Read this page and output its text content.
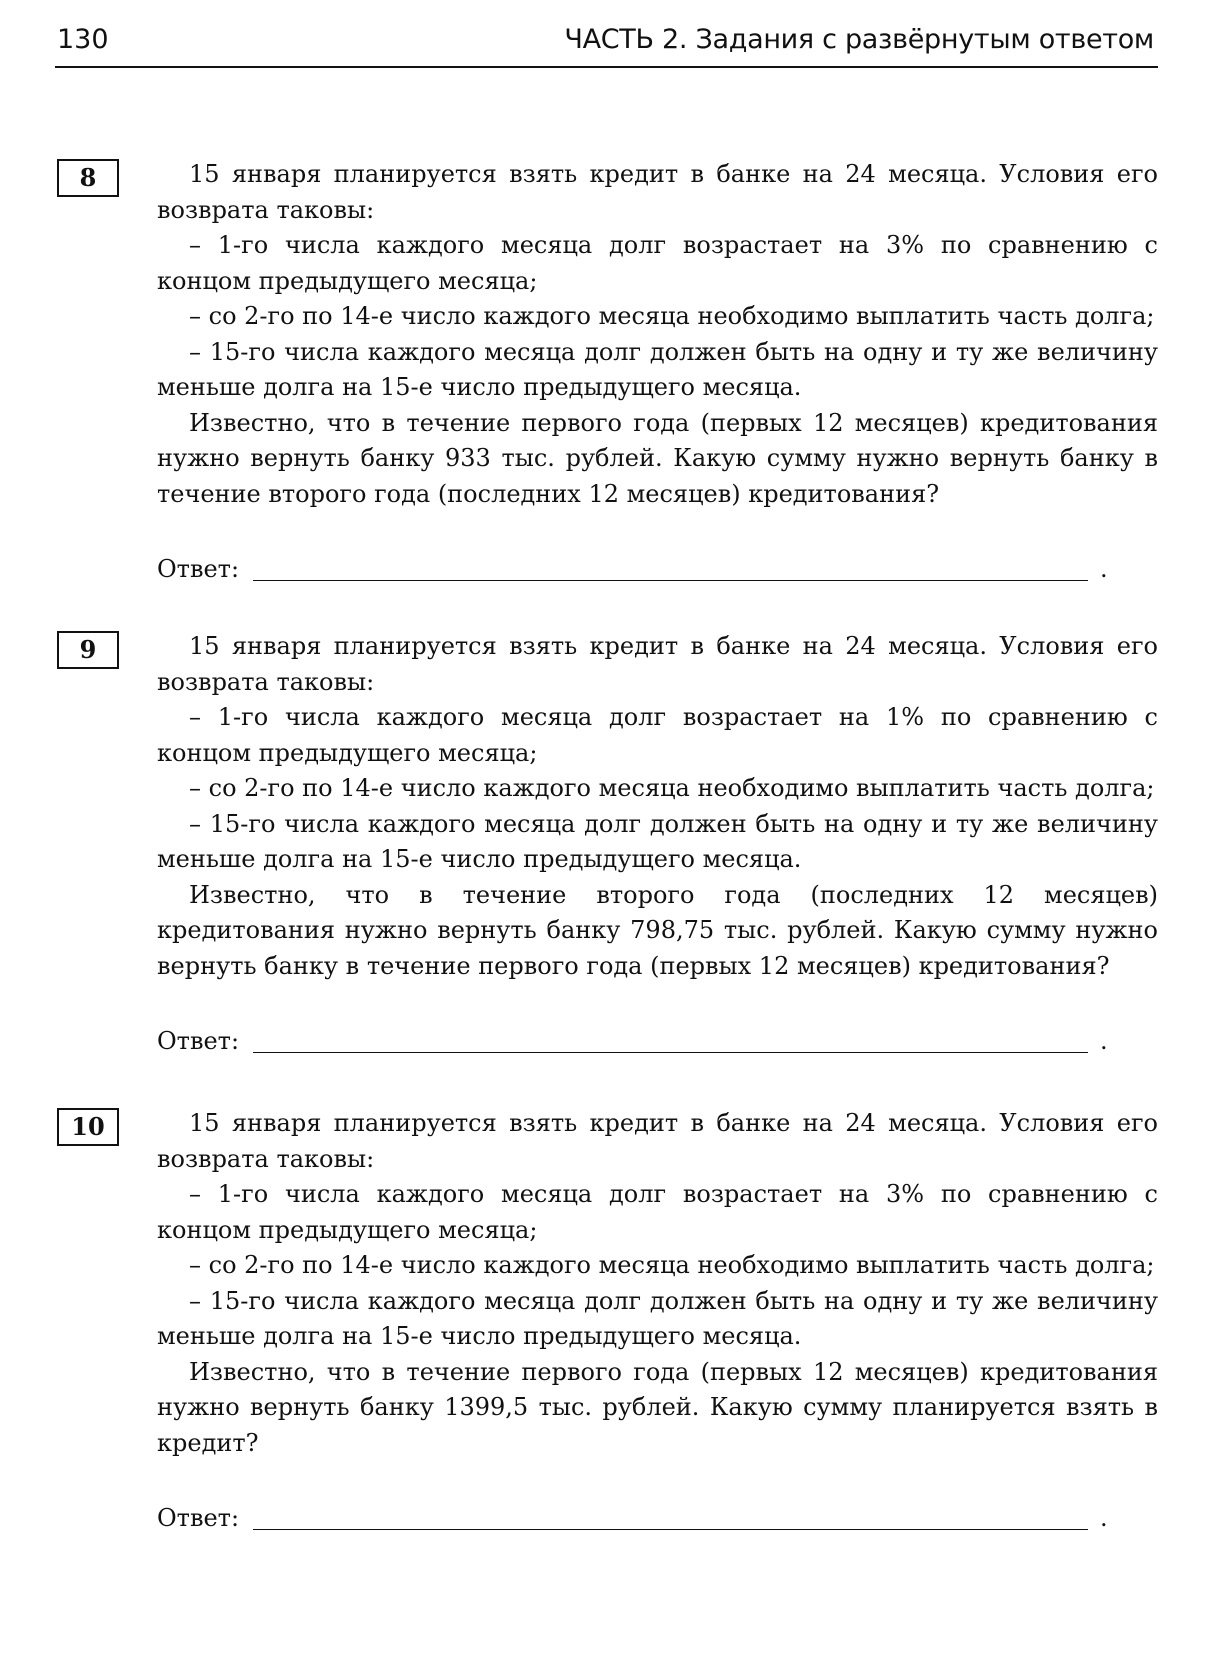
130	ЧАСТЬ 2. Задания с развёрнутым ответом
8	15 января планируется взять кредит в банке на 24 месяца. Условия его возврата таковы:

– 1-го числа каждого месяца долг возрастает на 3% по сравнению с концом предыдущего месяца;

– со 2-го по 14-е число каждого месяца необходимо выплатить часть долга;

– 15-го числа каждого месяца долг должен быть на одну и ту же величину меньше долга на 15-е число предыдущего месяца.

Известно, что в течение первого года (первых 12 месяцев) кредитования нужно вернуть банку 933 тыс. рублей. Какую сумму нужно вернуть банку в течение второго года (последних 12 месяцев) кредитования?

Ответ:	.
9	15 января планируется взять кредит в банке на 24 месяца. Условия его возврата таковы:

– 1-го числа каждого месяца долг возрастает на 1% по сравнению с концом предыдущего месяца;

– со 2-го по 14-е число каждого месяца необходимо выплатить часть долга;

– 15-го числа каждого месяца долг должен быть на одну и ту же величину меньше долга на 15-е число предыдущего месяца.

Известно, что в течение второго года (последних 12 месяцев) кредитования нужно вернуть банку 798,75 тыс. рублей. Какую сумму нужно вернуть банку в течение первого года (первых 12 месяцев) кредитования?

Ответ:	.
10	15 января планируется взять кредит в банке на 24 месяца. Условия его возврата таковы:

– 1-го числа каждого месяца долг возрастает на 3% по сравнению с концом предыдущего месяца;

– со 2-го по 14-е число каждого месяца необходимо выплатить часть долга;

– 15-го числа каждого месяца долг должен быть на одну и ту же величину меньше долга на 15-е число предыдущего месяца.

Известно, что в течение первого года (первых 12 месяцев) кредитования нужно вернуть банку 1399,5 тыс. рублей. Какую сумму планируется взять в кредит?

Ответ:	.
